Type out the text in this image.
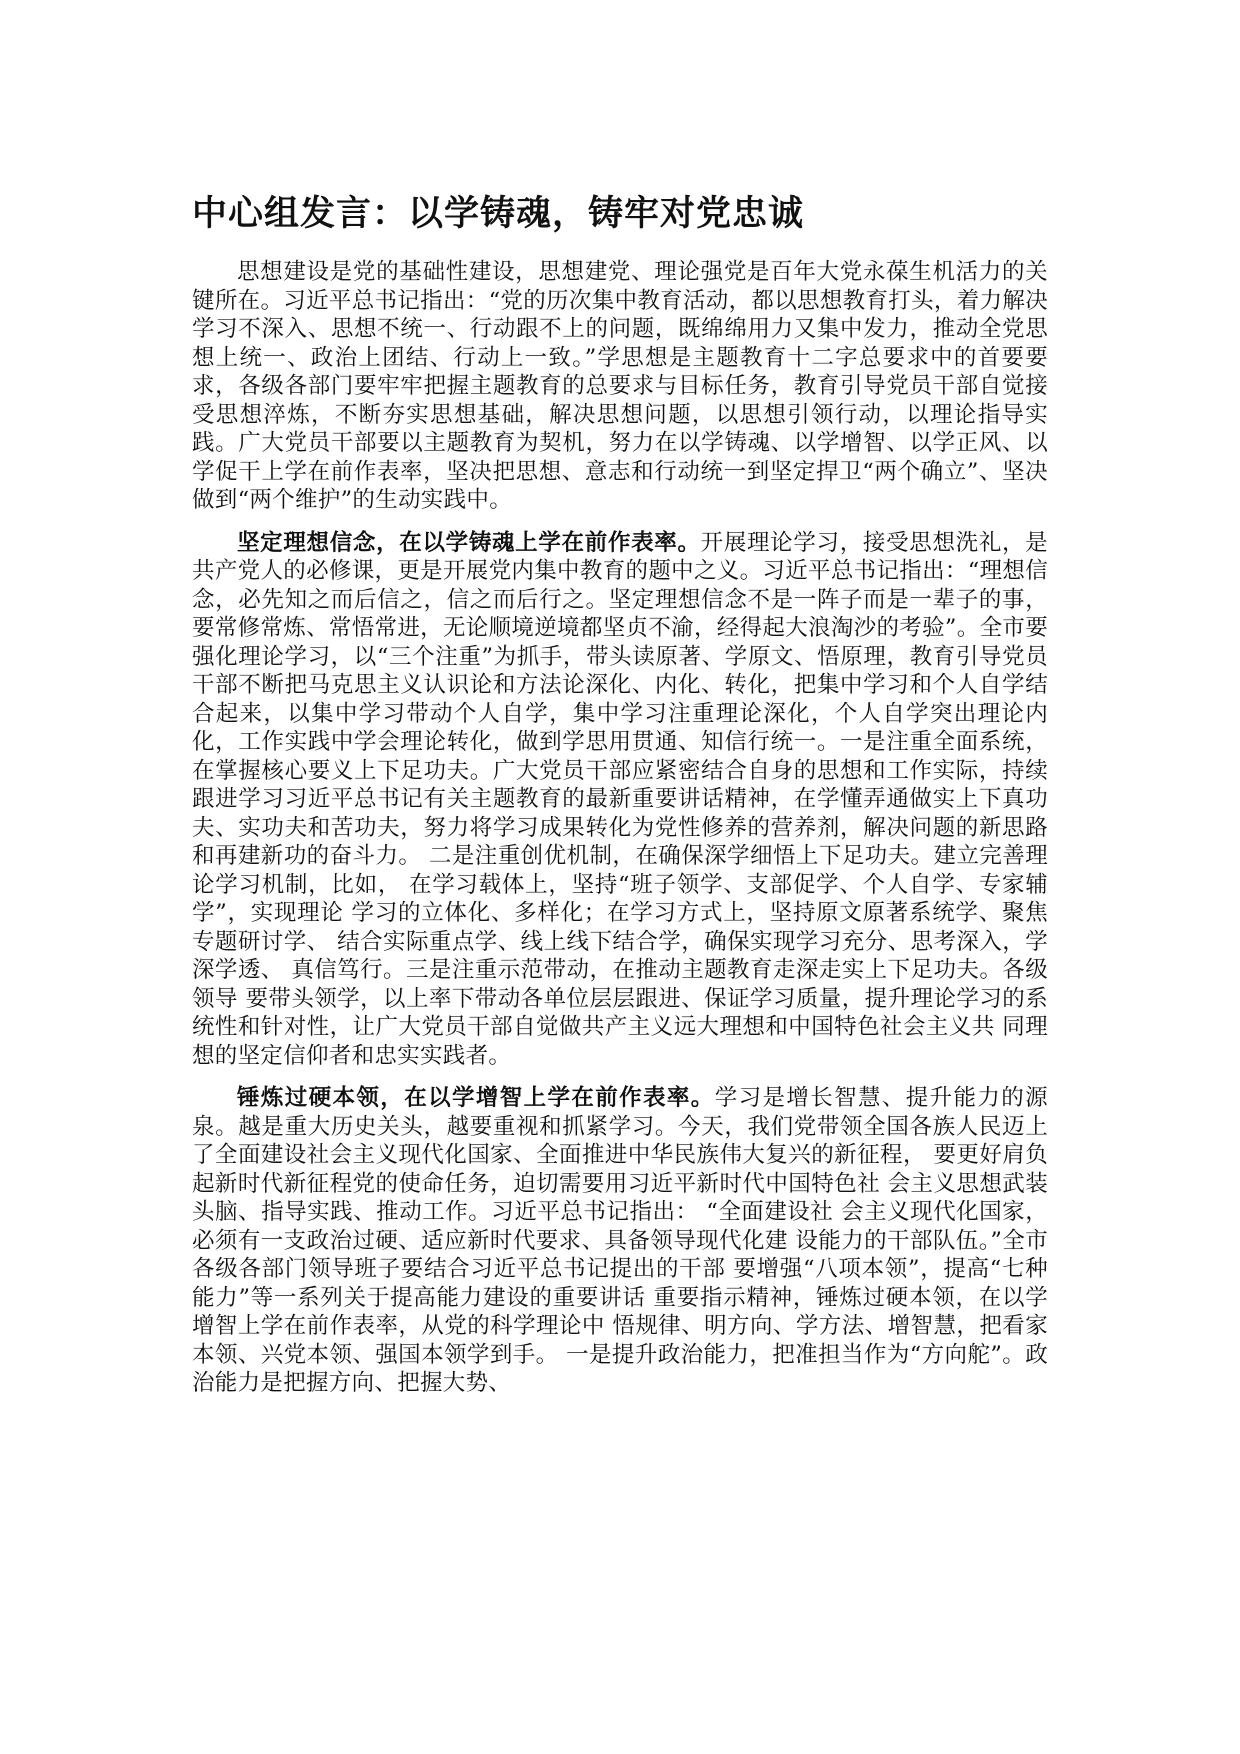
中心组发言：以学铸魂，铸牢对党忠诚

思想建设是党的基础性建设，思想建党、理论强党是百年大党永葆生机活力的关键所在。习近平总书记指出：“党的历次集中教育活动，都以思想教育打头，着力解决学习不深入、思想不统一、行动跟不上的问题，既绵绵用力又集中发力，推动全党思想上统一、政治上团结、行动上一致。”学思想是主题教育十二字总要求中的首要要求，各级各部门要牢牢把握主题教育的总要求与目标任务，教育引导党员干部自觉接受思想淬炼，不断夯实思想基础，解决思想问题，以思想引领行动，以理论指导实践。广大党员干部要以主题教育为契机，努力在以学铸魂、以学增智、以学正风、以学促干上学在前作表率，坚决把思想、意志和行动统一到坚定捍卫“两个确立”、坚决做到“两个维护”的生动实践中。

坚定理想信念，在以学铸魂上学在前作表率。开展理论学习，接受思想洗礼，是共产党人的必修课，更是开展党内集中教育的题中之义。习近平总书记指出：“理想信念，必先知之而后信之，信之而后行之。坚定理想信念不是一阵子而是一辈子的事，要常修常炼、常悟常进，无论顺境逆境都坚贞不渝，经得起大浪淘沙的考验”。全市要强化理论学习，以“三个注重”为抓手，带头读原著、学原文、悟原理，教育引导党员干部不断把马克思主义认识论和方法论深化、内化、转化，把集中学习和个人自学结合起来，以集中学习带动个人自学，集中学习注重理论深化，个人自学突出理论内化，工作实践中学会理论转化，做到学思用贯通、知信行统一。一是注重全面系统，在掌握核心要义上下足功夫。广大党员干部应紧密结合自身的思想和工作实际，持续跟进学习习近平总书记有关主题教育的最新重要讲话精神，在学懂弄通做实上下真功夫、实功夫和苦功夫，努力将学习成果转化为党性修养的营养剂，解决问题的新思路和再建新功的奋斗力。 二是注重创优机制，在确保深学细悟上下足功夫。建立完善理论学习机制，比如， 在学习载体上，坚持“班子领学、支部促学、个人自学、专家辅学”，实现理论 学习的立体化、多样化；在学习方式上，坚持原文原著系统学、聚焦专题研讨学、 结合实际重点学、线上线下结合学，确保实现学习充分、思考深入，学深学透、 真信笃行。三是注重示范带动，在推动主题教育走深走实上下足功夫。各级领导 要带头领学，以上率下带动各单位层层跟进、保证学习质量，提升理论学习的系 统性和针对性，让广大党员干部自觉做共产主义远大理想和中国特色社会主义共 同理想的坚定信仰者和忠实实践者。

锤炼过硬本领，在以学增智上学在前作表率。学习是增长智慧、提升能力的源泉。越是重大历史关头，越要重视和抓紧学习。今天，我们党带领全国各族人民迈上了全面建设社会主义现代化国家、全面推进中华民族伟大复兴的新征程， 要更好肩负起新时代新征程党的使命任务，迫切需要用习近平新时代中国特色社 会主义思想武装头脑、指导实践、推动工作。习近平总书记指出： “全面建设社 会主义现代化国家，必须有一支政治过硬、适应新时代要求、具备领导现代化建 设能力的干部队伍。”全市各级各部门领导班子要结合习近平总书记提出的干部 要增强“八项本领”，提高“七种能力”等一系列关于提高能力建设的重要讲话 重要指示精神，锤炼过硬本领，在以学增智上学在前作表率，从党的科学理论中 悟规律、明方向、学方法、增智慧，把看家本领、兴党本领、强国本领学到手。 一是提升政治能力，把准担当作为“方向舵”。政治能力是把握方向、把握大势、
